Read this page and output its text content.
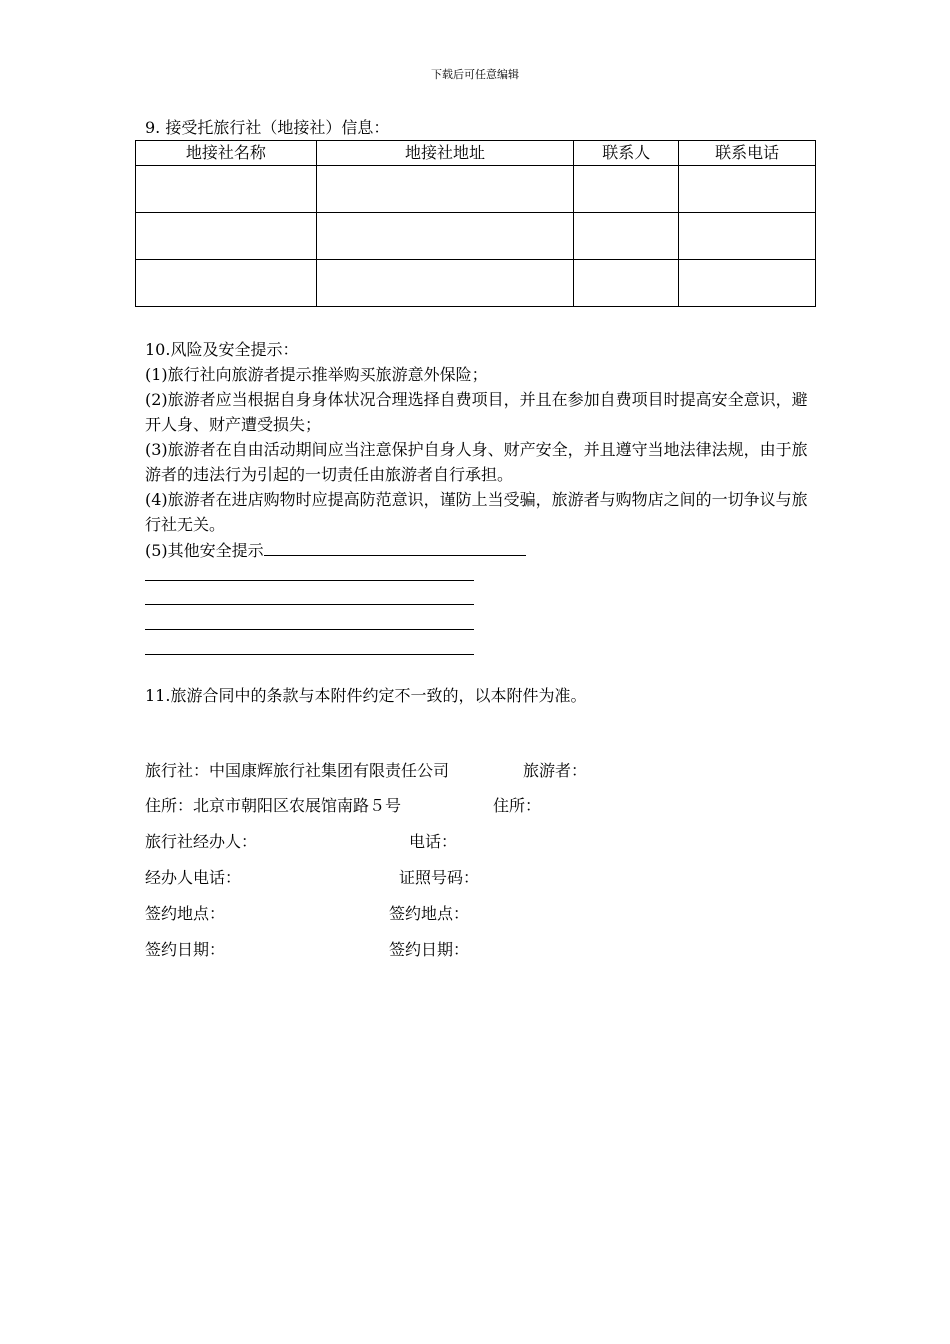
下载后可任意编辑
9. 接受托旅行社（地接社）信息：
地接社名称	地接社地址	联系人	联系电话

10.风险及安全提示：

(1)旅行社向旅游者提示推举购买旅游意外保险；

(2)旅游者应当根据自身身体状况合理选择自费项目，并且在参加自费项目时提高安全意识，避开人身、财产遭受损失；

(3)旅游者在自由活动期间应当注意保护自身人身、财产安全，并且遵守当地法律法规，由于旅游者的违法行为引起的一切责任由旅游者自行承担。

(4)旅游者在进店购物时应提高防范意识，谨防上当受骗，旅游者与购物店之间的一切争议与旅行社无关。

(5)其他安全提示

11.旅游合同中的条款与本附件约定不一致的，以本附件为准。
旅行社：中国康辉旅行社集团有限责任公司	旅游者：
住所：北京市朝阳区农展馆南路５号	住所：
旅行社经办人：	电话：
经办人电话：	证照号码：
签约地点：	签约地点：
签约日期：	签约日期：
